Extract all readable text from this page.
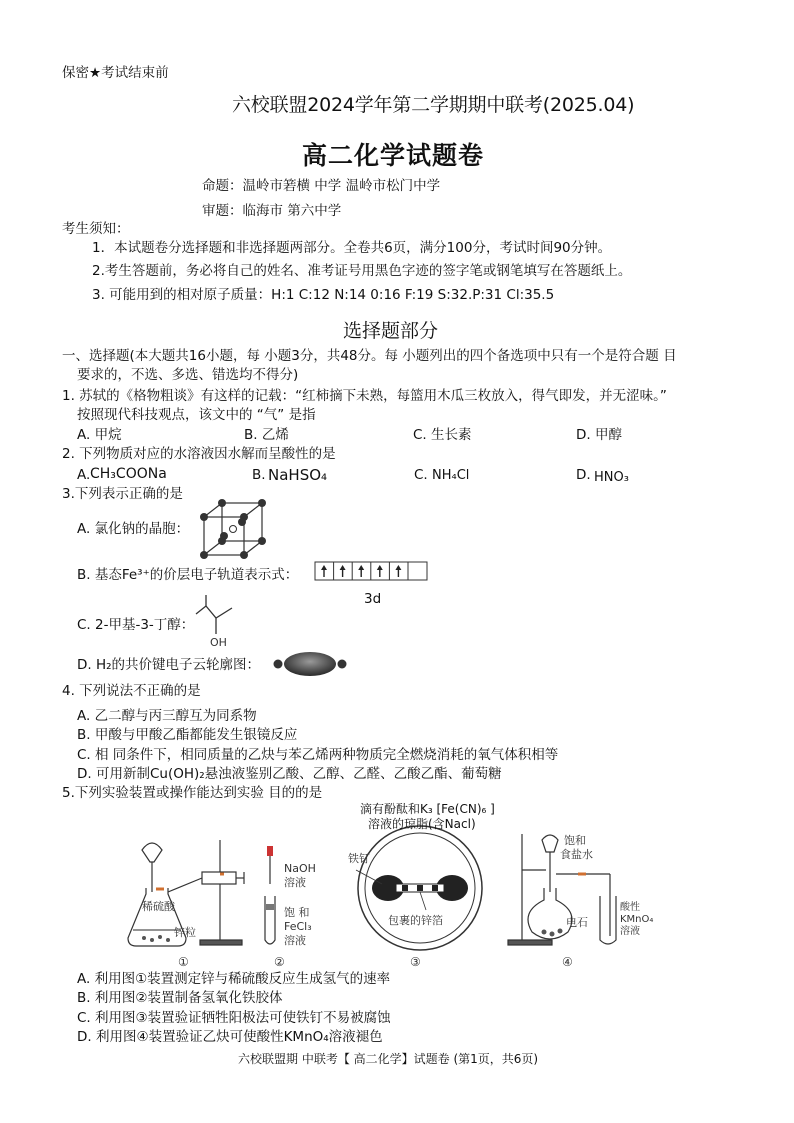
保密★考试结束前
六校联盟2024学年第二学期期中联考(2025.04)
高二化学试题卷
命题：温岭市箬横 中学 温岭市松门中学
审题：临海市 第六中学
考生须知：
1．本试题卷分选择题和非选择题两部分。全卷共6页，满分100分，考试时间90分钟。
2.考生答题前，务必将自己的姓名、准考证号用黑色字迹的签字笔或钢笔填写在答题纸上。
3. 可能用到的相对原子质量：H:1 C:12 N:14 0:16 F:19 S:32.P:31 Cl:35.5
选择题部分
一、选择题(本大题共16小题，每 小题3分，共48分。每 小题列出的四个备选项中只有一个是符合题 目
要求的，不选、多选、错选均不得分)
1. 苏轼的《格物粗谈》有这样的记载：“红柿摘下未熟，每篮用木瓜三枚放入，得气即发，并无涩味。”
按照现代科技观点，该文中的 “气” 是指
A. 甲烷	B. 乙烯	C. 生长素	D. 甲醇
2. 下列物质对应的水溶液因水解而呈酸性的是
A. CH₃COONa	B. NaHSO₄	C. NH₄Cl	D. HNO₃
3.下列表示正确的是
A. 氯化钠的晶胞：
B. 基态Fe³⁺的价层电子轨道表示式：
3d
C. 2-甲基-3-丁醇：
OH
D. H₂的共价键电子云轮廓图：
4. 下列说法不正确的是
A. 乙二醇与丙三醇互为同系物
B. 甲酸与甲酸乙酯都能发生银镜反应
C. 相 同条件下，相同质量的乙炔与苯乙烯两种物质完全燃烧消耗的氧气体积相等
D. 可用新制Cu(OH)₂悬浊液鉴别乙酸、乙醇、乙醛、乙酸乙酯、葡萄糖
5.下列实验装置或操作能达到实验 目的的是
稀硫酸
锌粒
①
NaOH
溶液
饱 和
FeCl₃
溶液
②
铁钉
包裹的锌箔
③
饱和
食盐水
电石
酸性
KMnO₄
溶液
④
滴有酚酞和K₃ [Fe(CN)₆ ]
溶液的琼脂(含Nacl)
A. 利用图①装置测定锌与稀硫酸反应生成氢气的速率
B. 利用图②装置制备氢氧化铁胶体
C. 利用图③装置验证牺牲阳极法可使铁钉不易被腐蚀
D. 利用图④装置验证乙炔可使酸性KMnO₄溶液褪色
六校联盟期 中联考【 高二化学】试题卷 (第1页，共6页)
